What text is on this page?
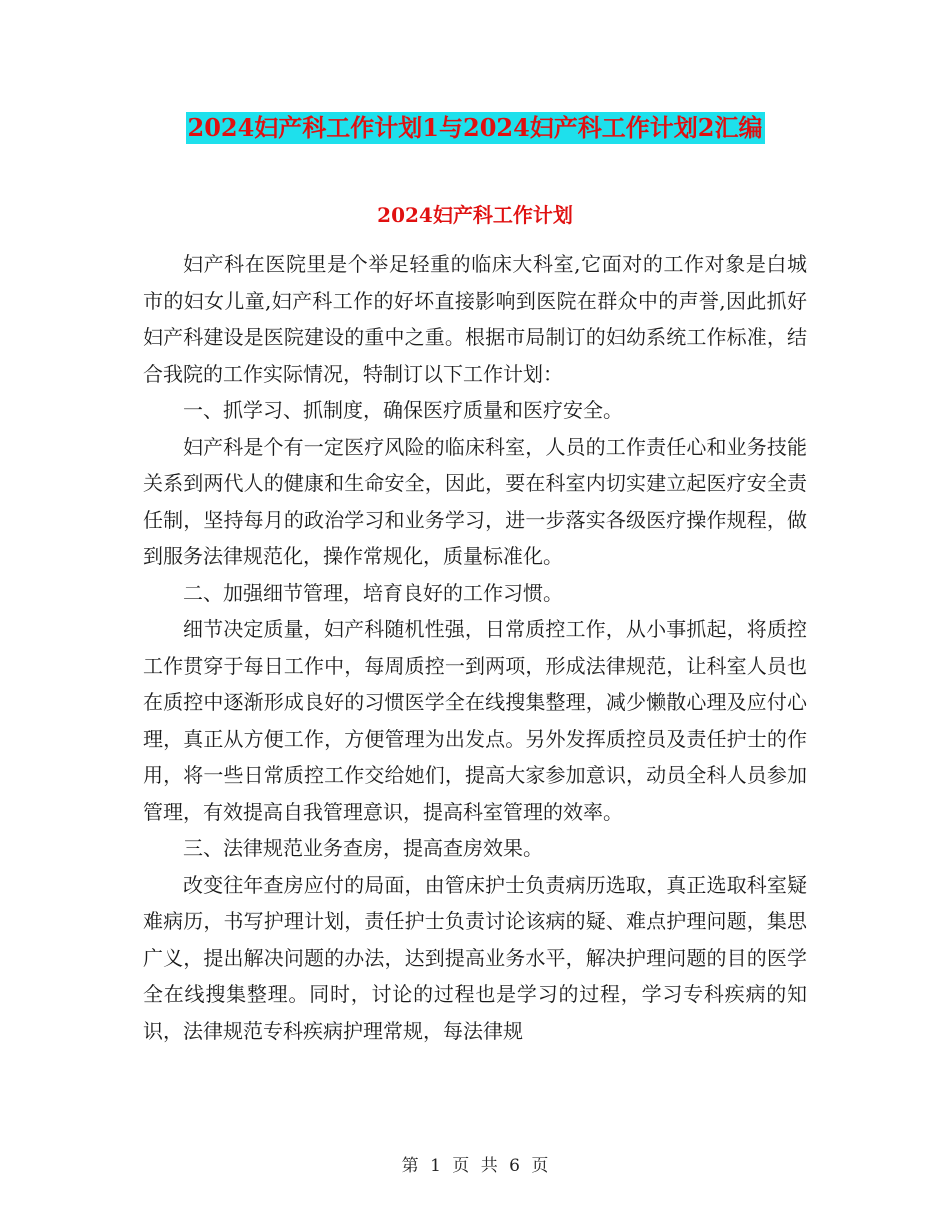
2024妇产科工作计划1与2024妇产科工作计划2汇编
2024妇产科工作计划

妇产科在医院里是个举足轻重的临床大科室,它面对的工作对象是白城市的妇女儿童,妇产科工作的好坏直接影响到医院在群众中的声誉,因此抓好妇产科建设是医院建设的重中之重。根据市局制订的妇幼系统工作标准，结合我院的工作实际情况，特制订以下工作计划：

一、抓学习、抓制度，确保医疗质量和医疗安全。

妇产科是个有一定医疗风险的临床科室，人员的工作责任心和业务技能关系到两代人的健康和生命安全，因此，要在科室内切实建立起医疗安全责任制，坚持每月的政治学习和业务学习，进一步落实各级医疗操作规程，做到服务法律规范化，操作常规化，质量标准化。

二、加强细节管理，培育良好的工作习惯。

细节决定质量，妇产科随机性强，日常质控工作，从小事抓起，将质控工作贯穿于每日工作中，每周质控一到两项，形成法律规范，让科室人员也在质控中逐渐形成良好的习惯医学全在线搜集整理，减少懒散心理及应付心理，真正从方便工作，方便管理为出发点。另外发挥质控员及责任护士的作用，将一些日常质控工作交给她们，提高大家参加意识，动员全科人员参加管理，有效提高自我管理意识，提高科室管理的效率。

三、法律规范业务查房，提高查房效果。

改变往年查房应付的局面，由管床护士负责病历选取，真正选取科室疑难病历，书写护理计划，责任护士负责讨论该病的疑、难点护理问题，集思广义，提出解决问题的办法，达到提高业务水平，解决护理问题的目的医学全在线搜集整理。同时，讨论的过程也是学习的过程，学习专科疾病的知识，法律规范专科疾病护理常规，每法律规

第 1 页 共 6 页
